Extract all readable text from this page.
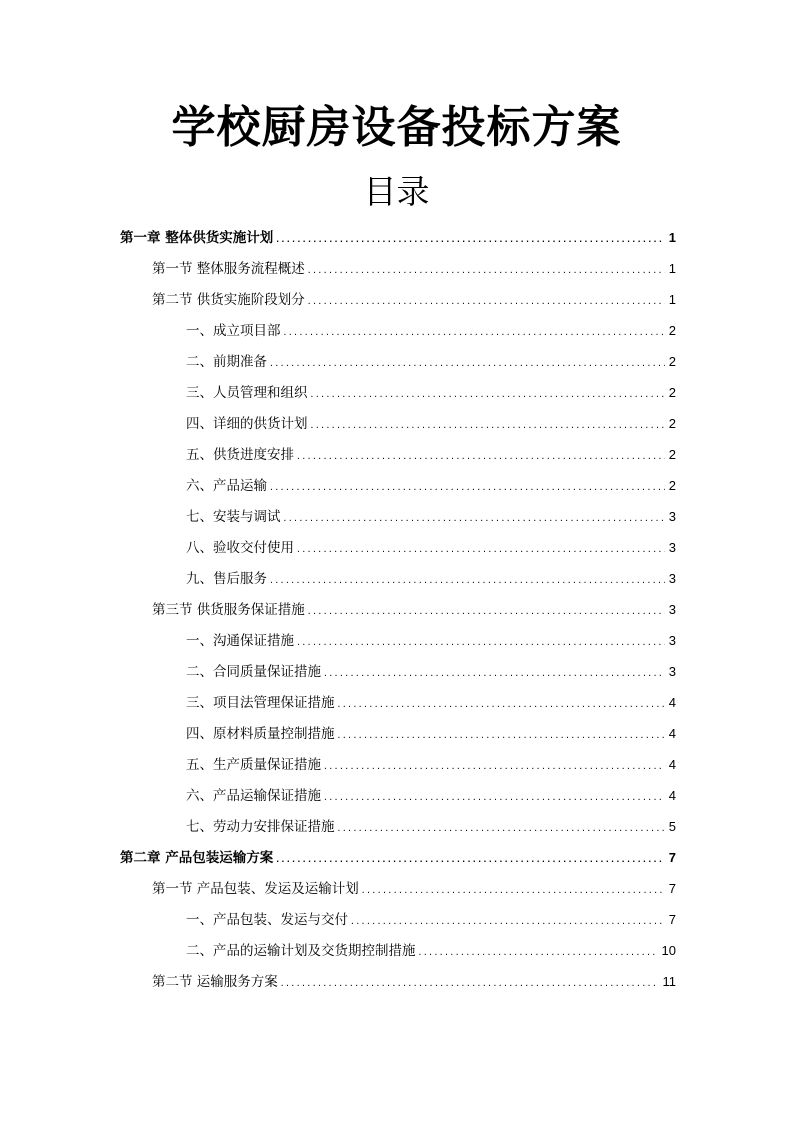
学校厨房设备投标方案
目录
第一章 整体供货实施计划 .....	1
第一节 整体服务流程概述 .....	1
第二节 供货实施阶段划分 .....	1
一、成立项目部 .....	2
二、前期准备 .....	2
三、人员管理和组织 .....	2
四、详细的供货计划 .....	2
五、供货进度安排 .....	2
六、产品运输 .....	2
七、安装与调试 .....	3
八、验收交付使用 .....	3
九、售后服务 .....	3
第三节 供货服务保证措施 .....	3
一、沟通保证措施 .....	3
二、合同质量保证措施 .....	3
三、项目法管理保证措施 .....	4
四、原材料质量控制措施 .....	4
五、生产质量保证措施 .....	4
六、产品运输保证措施 .....	4
七、劳动力安排保证措施 .....	5
第二章 产品包装运输方案 .....	7
第一节 产品包装、发运及运输计划 .....	7
一、产品包装、发运与交付 .....	7
二、产品的运输计划及交货期控制措施 .....	10
第二节 运输服务方案 .....	11
